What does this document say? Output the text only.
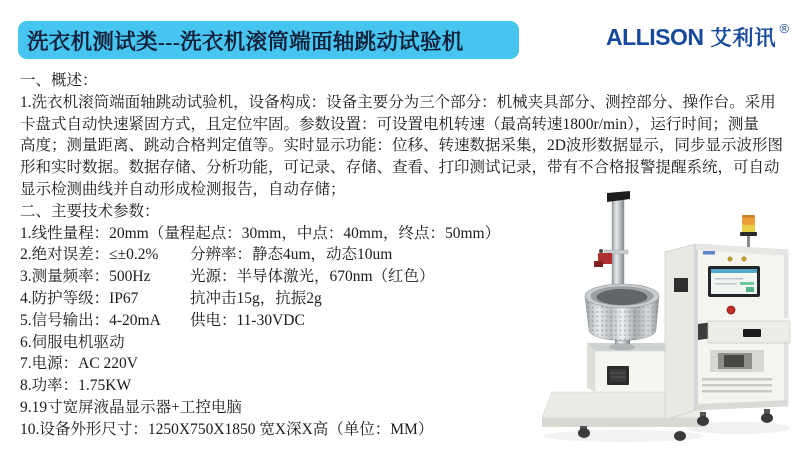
洗衣机测试类---洗衣机滚筒端面轴跳动试验机	ALLISON 艾利讯 ®
一、概述：
1.洗衣机滚筒端面轴跳动试验机，设备构成：设备主要分为三个部分：机械夹具部分、测控部分、操作台。采用
卡盘式自动快速紧固方式，且定位牢固。参数设置：可设置电机转速（最高转速1800r/min），运行时间；测量
高度；测量距离、跳动合格判定值等。实时显示功能：位移、转速数据采集，2D波形数据显示，同步显示波形图
形和实时数据。数据存储、分析功能，可记录、存储、查看、打印测试记录，带有不合格报警提醒系统，可自动
显示检测曲线并自动形成检测报告，自动存储；
二、主要技术参数：
1.线性量程：20mm（量程起点：30mm，中点：40mm，终点：50mm）
2.绝对误差：≤±0.2% 分辨率：静态4um，动态10um
3.测量频率：500Hz	光源：半导体激光，670nm（红色）
4.防护等级：IP67	抗冲击15g，抗振2g
5.信号输出：4-20mA 供电：11-30VDC
6.伺服电机驱动
7.电源：AC 220V
8.功率：1.75KW
9.19寸宽屏液晶显示器+工控电脑
10.设备外形尺寸：1250X750X1850 宽X深X高（单位：MM）
